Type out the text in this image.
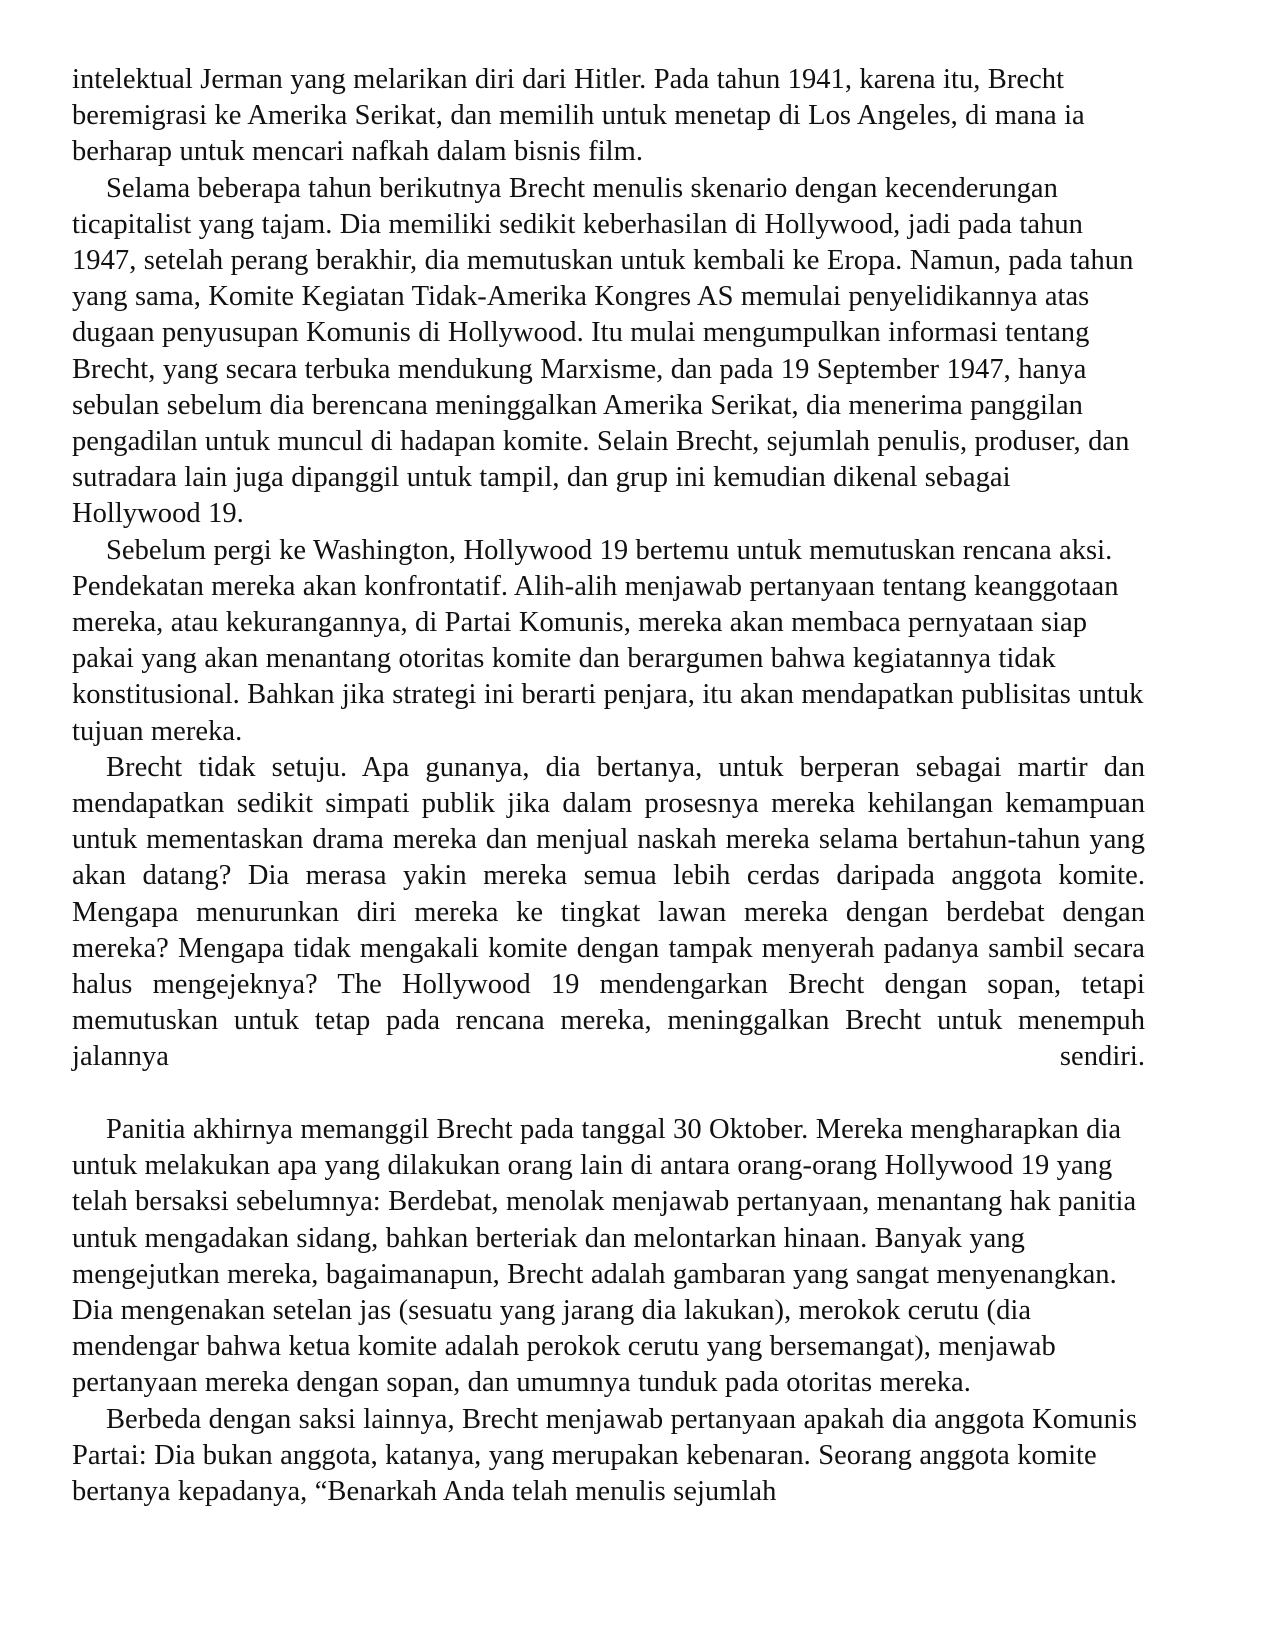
intelektual Jerman yang melarikan diri dari Hitler. Pada tahun 1941, karena itu, Brecht beremigrasi ke Amerika Serikat, dan memilih untuk menetap di Los Angeles, di mana ia berharap untuk mencari nafkah dalam bisnis film.

Selama beberapa tahun berikutnya Brecht menulis skenario dengan kecenderungan ticapitalist yang tajam. Dia memiliki sedikit keberhasilan di Hollywood, jadi pada tahun 1947, setelah perang berakhir, dia memutuskan untuk kembali ke Eropa. Namun, pada tahun yang sama, Komite Kegiatan Tidak-Amerika Kongres AS memulai penyelidikannya atas dugaan penyusupan Komunis di Hollywood. Itu mulai mengumpulkan informasi tentang Brecht, yang secara terbuka mendukung Marxisme, dan pada 19 September 1947, hanya sebulan sebelum dia berencana meninggalkan Amerika Serikat, dia menerima panggilan pengadilan untuk muncul di hadapan komite. Selain Brecht, sejumlah penulis, produser, dan sutradara lain juga dipanggil untuk tampil, dan grup ini kemudian dikenal sebagai Hollywood 19.

Sebelum pergi ke Washington, Hollywood 19 bertemu untuk memutuskan rencana aksi. Pendekatan mereka akan konfrontatif. Alih-alih menjawab pertanyaan tentang keanggotaan mereka, atau kekurangannya, di Partai Komunis, mereka akan membaca pernyataan siap pakai yang akan menantang otoritas komite dan berargumen bahwa kegiatannya tidak konstitusional. Bahkan jika strategi ini berarti penjara, itu akan mendapatkan publisitas untuk tujuan mereka.

Brecht tidak setuju. Apa gunanya, dia bertanya, untuk berperan sebagai martir dan mendapatkan sedikit simpati publik jika dalam prosesnya mereka kehilangan kemampuan untuk mementaskan drama mereka dan menjual naskah mereka selama bertahun-tahun yang akan datang? Dia merasa yakin mereka semua lebih cerdas daripada anggota komite. Mengapa menurunkan diri mereka ke tingkat lawan mereka dengan berdebat dengan mereka? Mengapa tidak mengakali komite dengan tampak menyerah padanya sambil secara halus mengejeknya? The Hollywood 19 mendengarkan Brecht dengan sopan, tetapi memutuskan untuk tetap pada rencana mereka, meninggalkan Brecht untuk menempuh jalannya sendiri.

Panitia akhirnya memanggil Brecht pada tanggal 30 Oktober. Mereka mengharapkan dia untuk melakukan apa yang dilakukan orang lain di antara orang-orang Hollywood 19 yang telah bersaksi sebelumnya: Berdebat, menolak menjawab pertanyaan, menantang hak panitia untuk mengadakan sidang, bahkan berteriak dan melontarkan hinaan. Banyak yang mengejutkan mereka, bagaimanapun, Brecht adalah gambaran yang sangat menyenangkan. Dia mengenakan setelan jas (sesuatu yang jarang dia lakukan), merokok cerutu (dia mendengar bahwa ketua komite adalah perokok cerutu yang bersemangat), menjawab pertanyaan mereka dengan sopan, dan umumnya tunduk pada otoritas mereka.

Berbeda dengan saksi lainnya, Brecht menjawab pertanyaan apakah dia anggota Komunis Partai: Dia bukan anggota, katanya, yang merupakan kebenaran. Seorang anggota komite bertanya kepadanya, “Benarkah Anda telah menulis sejumlah
